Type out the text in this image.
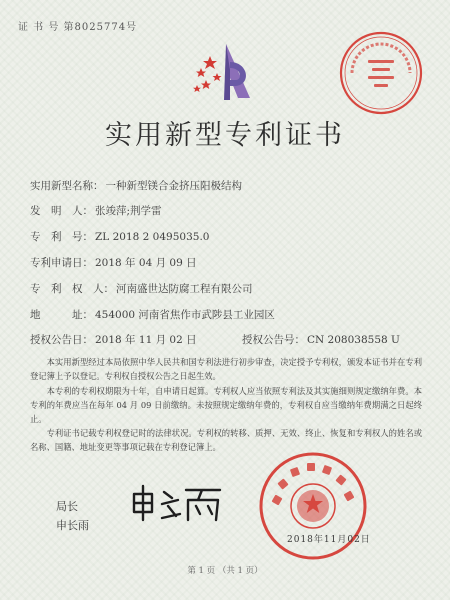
证 书 号 第8025774号
实用新型专利证书
实用新型名称： 一种新型镁合金挤压阳极结构
发　明　人： 张竣萍;荆学雷
专　利　号： ZL 2018 2 0495035.0
专利申请日： 2018 年 04 月 09 日
专　利　权　人： 河南盛世达防腐工程有限公司
地　　　址： 454000 河南省焦作市武陟县工业园区
授权公告日： 2018 年 11 月 02 日	授权公告号： CN 208038558 U
本实用新型经过本局依照中华人民共和国专利法进行初步审查，决定授予专利权，颁发本证书并在专利登记簿上予以登记。专利权自授权公告之日起生效。
本专利的专利权期限为十年，自申请日起算。专利权人应当依照专利法及其实施细则规定缴纳年费。本专利的年费应当在每年 04 月 09 日前缴纳。未按照规定缴纳年费的，专利权自应当缴纳年费期满之日起终止。
专利证书记载专利权登记时的法律状况。专利权的转移、质押、无效、终止、恢复和专利权人的姓名或名称、国籍、地址变更等事项记载在专利登记簿上。
局长
申长雨
2018年11月02日
第 1 页 （共 1 页）
